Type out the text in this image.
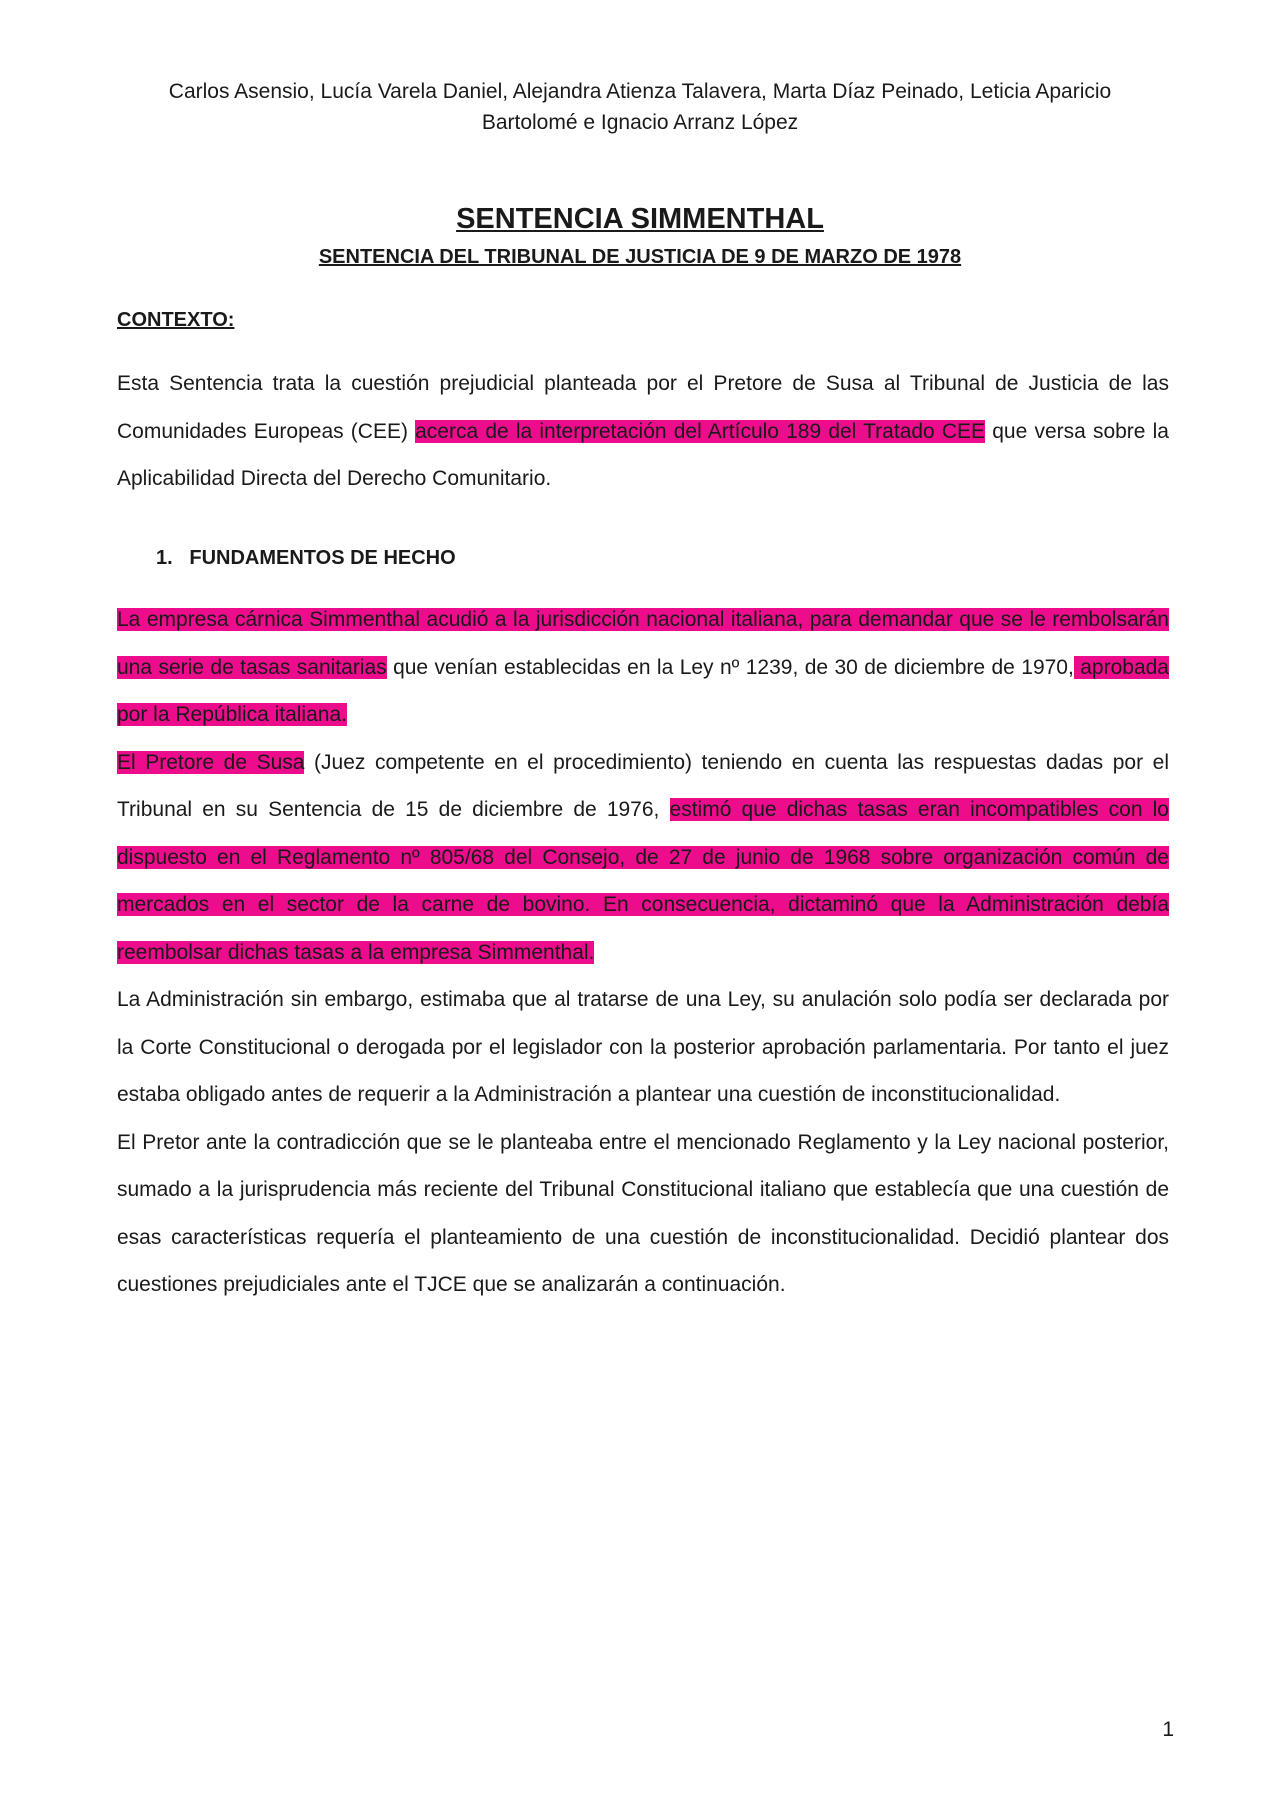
Carlos Asensio, Lucía Varela Daniel, Alejandra Atienza Talavera, Marta Díaz Peinado, Leticia Aparicio
Bartolomé e Ignacio Arranz López
SENTENCIA SIMMENTHAL
SENTENCIA DEL TRIBUNAL DE JUSTICIA DE 9 DE MARZO DE 1978
CONTEXTO:

Esta Sentencia trata la cuestión prejudicial planteada por el Pretore de Susa al Tribunal de Justicia de las Comunidades Europeas (CEE) acerca de la interpretación del Artículo 189 del Tratado CEE que versa sobre la Aplicabilidad Directa del Derecho Comunitario.

1. FUNDAMENTOS DE HECHO
La empresa cárnica Simmenthal acudió a la jurisdicción nacional italiana, para demandar que se le rembolsarán una serie de tasas sanitarias que venían establecidas en la Ley nº 1239, de 30 de diciembre de 1970, aprobada por la República italiana.
El Pretore de Susa (Juez competente en el procedimiento) teniendo en cuenta las respuestas dadas por el Tribunal en su Sentencia de 15 de diciembre de 1976, estimó que dichas tasas eran incompatibles con lo dispuesto en el Reglamento nº 805/68 del Consejo, de 27 de junio de 1968 sobre organización común de mercados en el sector de la carne de bovino. En consecuencia, dictaminó que la Administración debía reembolsar dichas tasas a la empresa Simmenthal.
La Administración sin embargo, estimaba que al tratarse de una Ley, su anulación solo podía ser declarada por la Corte Constitucional o derogada por el legislador con la posterior aprobación parlamentaria. Por tanto el juez estaba obligado antes de requerir a la Administración a plantear una cuestión de inconstitucionalidad.
El Pretor ante la contradicción que se le planteaba entre el mencionado Reglamento y la Ley nacional posterior, sumado a la jurisprudencia más reciente del Tribunal Constitucional italiano que establecía que una cuestión de esas características requería el planteamiento de una cuestión de inconstitucionalidad. Decidió plantear dos cuestiones prejudiciales ante el TJCE que se analizarán a continuación.
1
